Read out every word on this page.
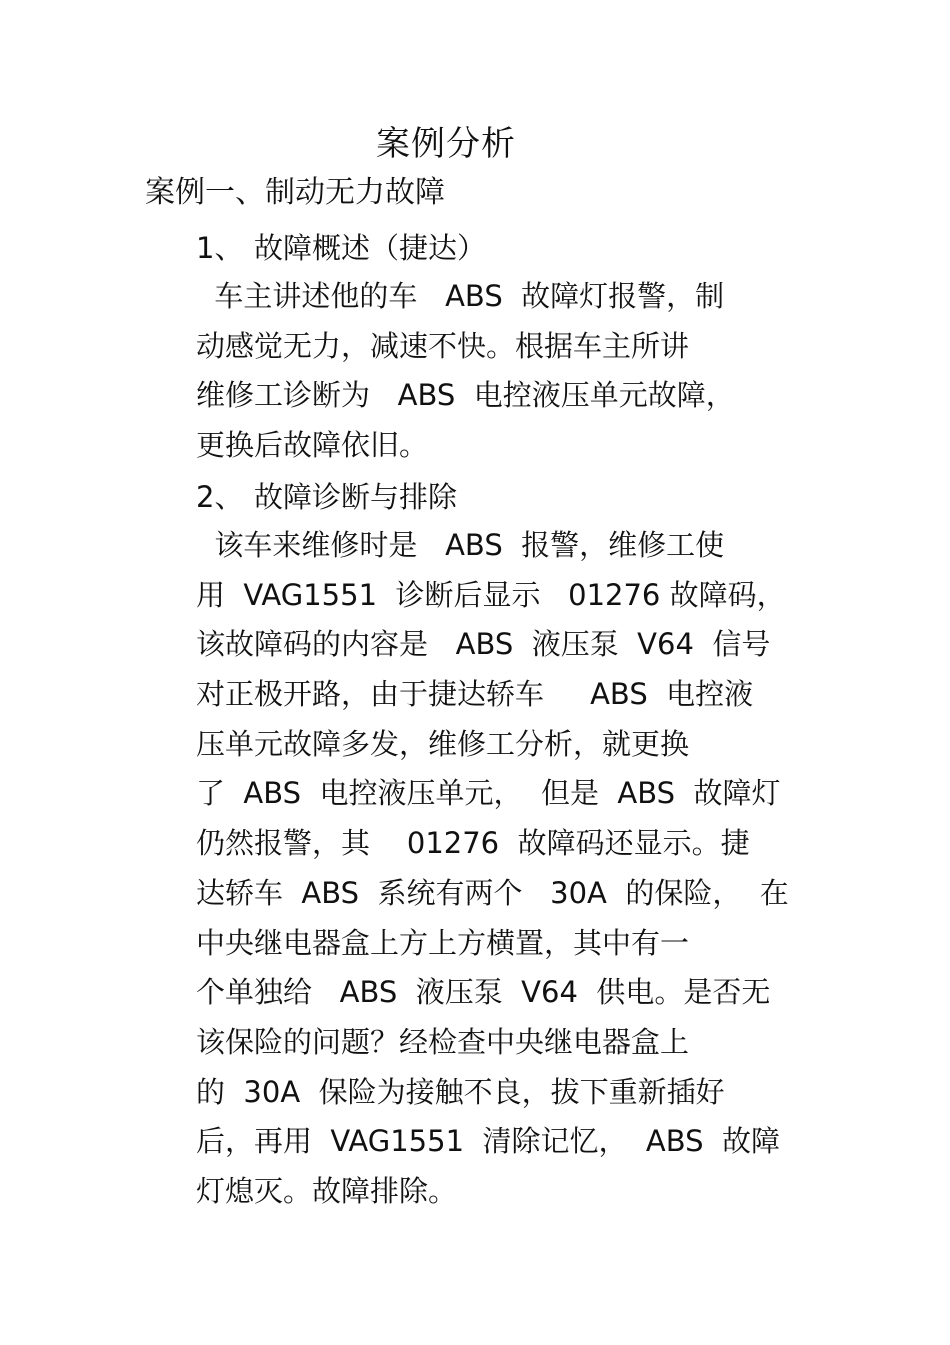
案例分析
案例一、制动无力故障
1、 故障概述（捷达）
车主讲述他的车   ABS  故障灯报警，制
动感觉无力，减速不快。根据车主所讲
维修工诊断为   ABS  电控液压单元故障，
更换后故障依旧。
2、 故障诊断与排除
该车来维修时是   ABS  报警，维修工使
用  VAG1551  诊断后显示   01276 故障码，
该故障码的内容是   ABS  液压泵  V64  信号
对正极开路，由于捷达轿车     ABS  电控液
压单元故障多发，维修工分析，就更换
了  ABS  电控液压单元，  但是  ABS  故障灯
仍然报警，其    01276  故障码还显示。捷
达轿车  ABS  系统有两个   30A  的保险，  在
中央继电器盒上方上方横置，其中有一
个单独给   ABS  液压泵  V64  供电。是否无
该保险的问题？经检查中央继电器盒上
的  30A  保险为接触不良，拔下重新插好
后，再用  VAG1551  清除记忆，  ABS  故障
灯熄灭。故障排除。
